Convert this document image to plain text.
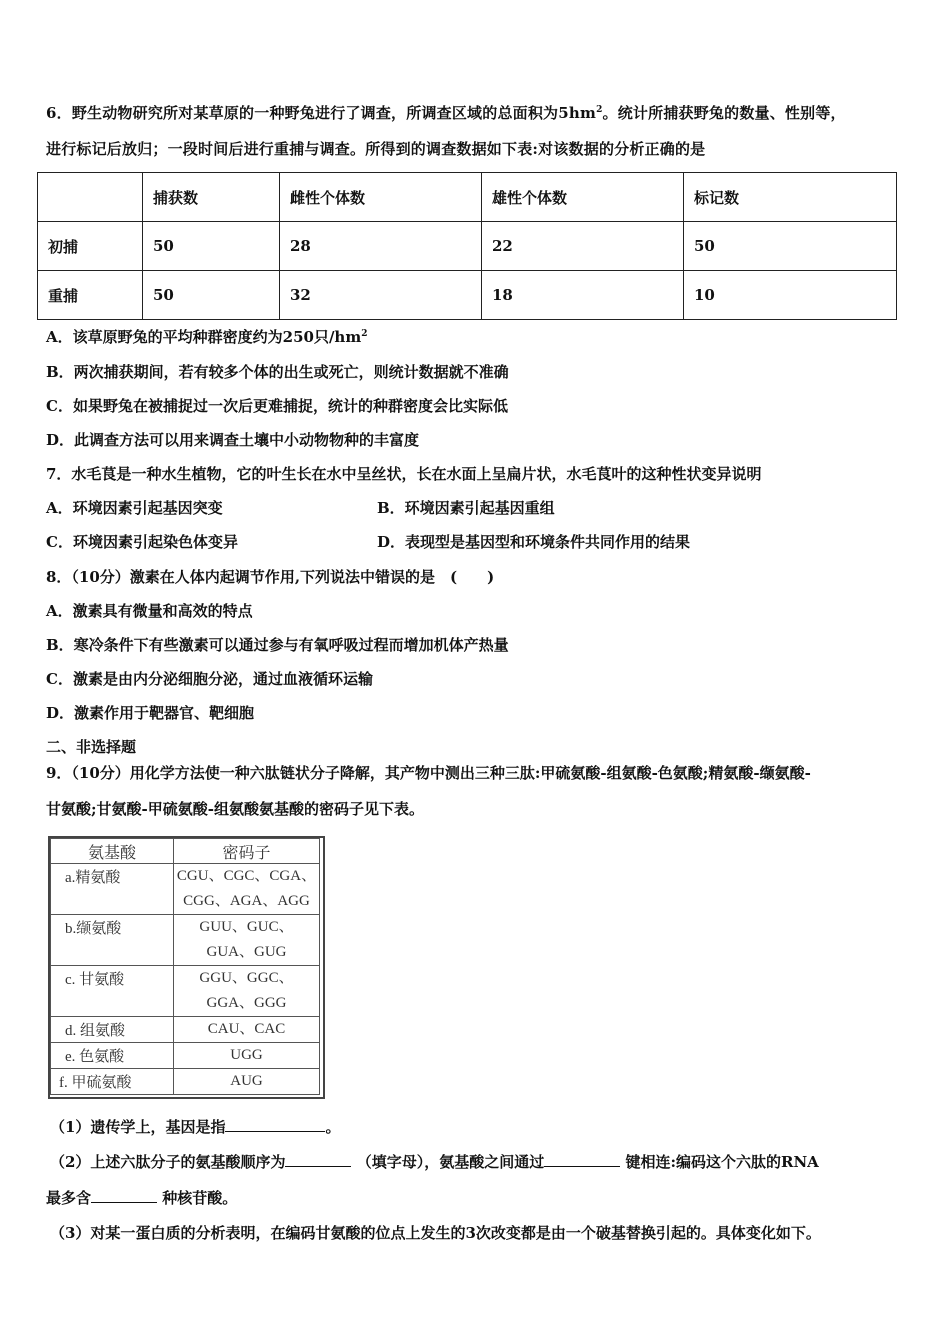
6．野生动物研究所对某草原的一种野兔进行了调查，所调查区域的总面积为$5hm^2$。统计所捕获野兔的数量、性别等，
进行标记后放归；一段时间后进行重捕与调查。所得到的调查数据如下表:对该数据的分析正确的是
	捕获数	雌性个体数	雄性个体数	标记数
初捕	50	28	22	50
重捕	50	32	18	10
A．该草原野兔的平均种群密度约为250只$/hm^2$
B．两次捕获期间，若有较多个体的出生或死亡，则统计数据就不准确
C．如果野兔在被捕捉过一次后更难捕捉，统计的种群密度会比实际低
D．此调查方法可以用来调查土壤中小动物物种的丰富度
7．水毛茛是一种水生植物，它的叶生长在水中呈丝状，长在水面上呈扁片状，水毛茛叶的这种性状变异说明
A．环境因素引起基因突变	B．环境因素引起基因重组
C．环境因素引起染色体变异	D．表现型是基因型和环境条件共同作用的结果
8．（10分）激素在人体内起调节作用,下列说法中错误的是　(　　)
A．激素具有微量和高效的特点
B．寒冷条件下有些激素可以通过参与有氧呼吸过程而增加机体产热量
C．激素是由内分泌细胞分泌，通过血液循环运输
D．激素作用于靶器官、靶细胞
二、非选择题
9．（10分）用化学方法使一种六肽链状分子降解，其产物中测出三种三肽:甲硫氨酸-组氨酸-色氨酸;精氨酸-缬氨酸-
甘氨酸;甘氨酸-甲硫氨酸-组氨酸氨基酸的密码子见下表。
氨基酸	密码子
a.精氨酸	CGU、CGC、CGA、
CGG、AGA、AGG

b.缬氨酸	GUU、GUC、
GUA、GUG

c. 甘氨酸	GGU、GGC、
GGA、GGG

d. 组氨酸	CAU、CAC
e. 色氨酸	UGG
f. 甲硫氨酸	AUG
（1）遗传学上，基因是指	。
（2）上述六肽分子的氨基酸顺序为	（填字母），氨基酸之间通过	键相连:编码这个六肽的RNA
最多含	种核苷酸。
（3）对某一蛋白质的分析表明，在编码甘氨酸的位点上发生的3次改变都是由一个破基替换引起的。具体变化如下。
